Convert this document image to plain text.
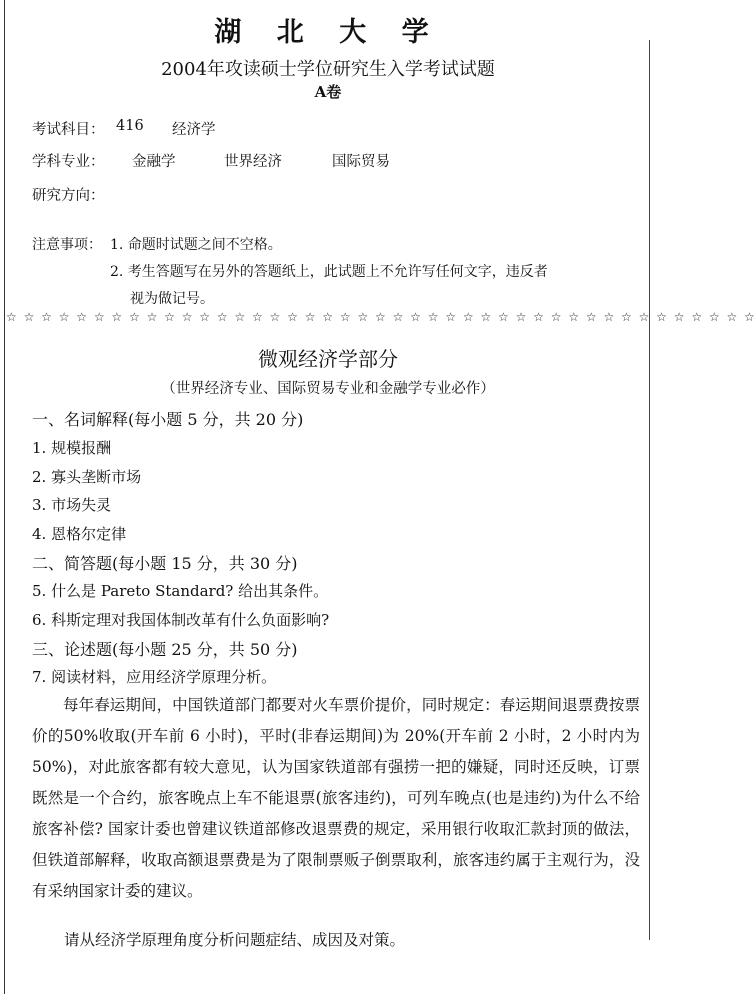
湖 北 大 学
2004年攻读硕士学位研究生入学考试试题
A卷
考试科目： 416 经济学
学科专业： 金融学	世界经济	国际贸易
研究方向：
注意事项： 1. 命题时试题之间不空格。
2. 考生答题写在另外的答题纸上，此试题上不允许写任何文字，违反者
视为做记号。
☆ ☆ ☆ ☆ ☆ ☆ ☆ ☆ ☆ ☆ ☆ ☆ ☆ ☆ ☆ ☆ ☆ ☆ ☆ ☆ ☆ ☆ ☆ ☆ ☆ ☆ ☆ ☆ ☆ ☆ ☆ ☆ ☆ ☆ ☆ ☆ ☆ ☆ ☆ ☆ ☆ ☆ ☆
微观经济学部分
（世界经济专业、国际贸易专业和金融学专业必作）
一、名词解释(每小题 5 分，共 20 分)
1. 规模报酬
2. 寡头垄断市场
3. 市场失灵
4. 恩格尔定律
二、简答题(每小题 15 分，共 30 分)
5. 什么是 Pareto Standard? 给出其条件。
6. 科斯定理对我国体制改革有什么负面影响?
三、论述题(每小题 25 分，共 50 分)
7. 阅读材料，应用经济学原理分析。

每年春运期间，中国铁道部门都要对火车票价提价，同时规定：春运期间退票费按票价的50%收取(开车前 6 小时)，平时(非春运期间)为 20%(开车前 2 小时，2 小时内为 50%)，对此旅客都有较大意见，认为国家铁道部有强捞一把的嫌疑，同时还反映，订票既然是一个合约，旅客晚点上车不能退票(旅客违约)，可列车晚点(也是违约)为什么不给旅客补偿? 国家计委也曾建议铁道部修改退票费的规定，采用银行收取汇款封顶的做法，但铁道部解释，收取高额退票费是为了限制票贩子倒票取利，旅客违约属于主观行为，没有采纳国家计委的建议。

请从经济学原理角度分析问题症结、成因及对策。
